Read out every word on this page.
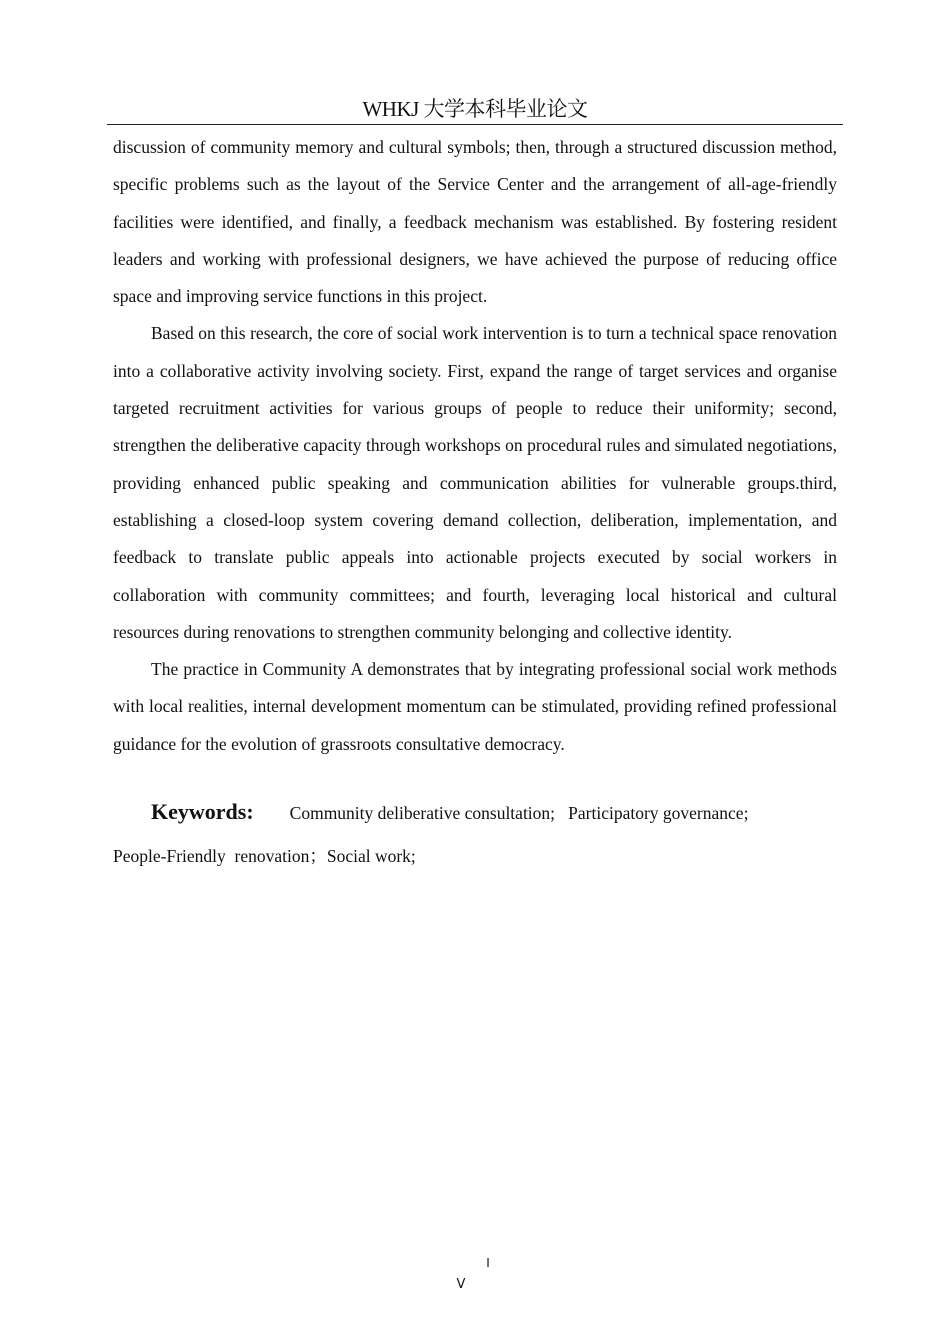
WHKJ 大学本科毕业论文

discussion of community memory and cultural symbols; then, through a structured discussion method, specific problems such as the layout of the Service Center and the arrangement of all-age-friendly facilities were identified, and finally, a feedback mechanism was established. By fostering resident leaders and working with professional designers, we have achieved the purpose of reducing office space and improving service functions in this project.

Based on this research, the core of social work intervention is to turn a technical space renovation into a collaborative activity involving society. First, expand the range of target services and organise targeted recruitment activities for various groups of people to reduce their uniformity; second, strengthen the deliberative capacity through workshops on procedural rules and simulated negotiations, providing enhanced public speaking and communication abilities for vulnerable groups.third, establishing a closed-loop system covering demand collection, deliberation, implementation, and feedback to translate public appeals into actionable projects executed by social workers in collaboration with community committees; and fourth, leveraging local historical and cultural resources during renovations to strengthen community belonging and collective identity.

The practice in Community A demonstrates that by integrating professional social work methods with local realities, internal development momentum can be stimulated, providing refined professional guidance for the evolution of grassroots consultative democracy.

Keywords: Community deliberative consultation;   Participatory governance;

People-Friendly  renovation；Social work;

I
V
